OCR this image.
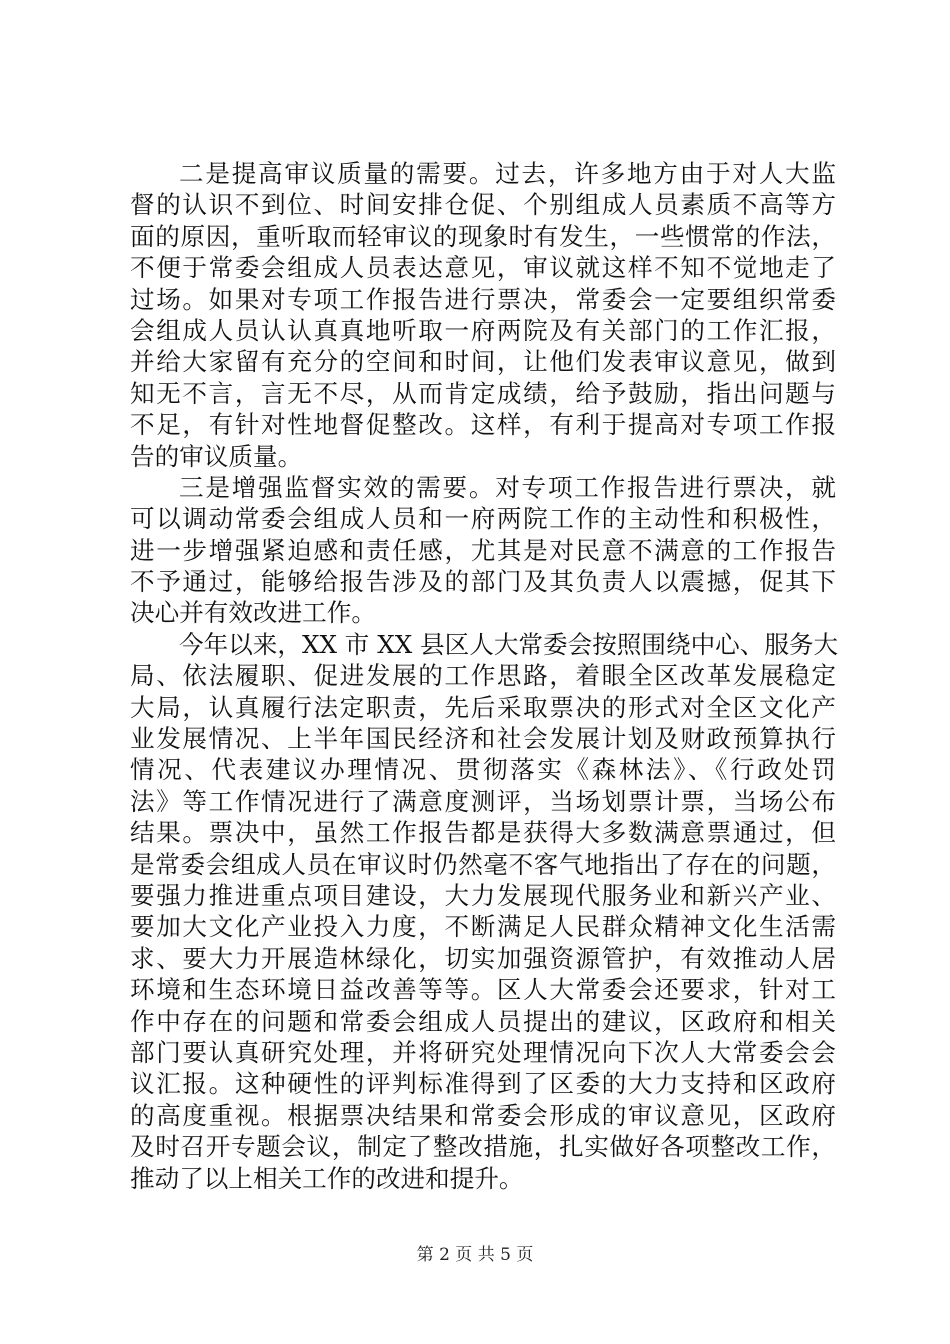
二是提高审议质量的需要。过去，许多地方由于对人大监
督的认识不到位、时间安排仓促、个别组成人员素质不高等方
面的原因，重听取而轻审议的现象时有发生，一些惯常的作法，
不便于常委会组成人员表达意见，审议就这样不知不觉地走了
过场。如果对专项工作报告进行票决，常委会一定要组织常委
会组成人员认认真真地听取一府两院及有关部门的工作汇报，
并给大家留有充分的空间和时间，让他们发表审议意见，做到
知无不言，言无不尽，从而肯定成绩，给予鼓励，指出问题与
不足，有针对性地督促整改。这样，有利于提高对专项工作报
告的审议质量。
三是增强监督实效的需要。对专项工作报告进行票决，就
可以调动常委会组成人员和一府两院工作的主动性和积极性，
进一步增强紧迫感和责任感，尤其是对民意不满意的工作报告
不予通过，能够给报告涉及的部门及其负责人以震撼，促其下
决心并有效改进工作。
今年以来，XX 市 XX 县区人大常委会按照围绕中心、服务大
局、依法履职、促进发展的工作思路，着眼全区改革发展稳定
大局，认真履行法定职责，先后采取票决的形式对全区文化产
业发展情况、上半年国民经济和社会发展计划及财政预算执行
情况、代表建议办理情况、贯彻落实《森林法》、《行政处罚
法》等工作情况进行了满意度测评，当场划票计票，当场公布
结果。票决中，虽然工作报告都是获得大多数满意票通过，但
是常委会组成人员在审议时仍然毫不客气地指出了存在的问题，
要强力推进重点项目建设，大力发展现代服务业和新兴产业、
要加大文化产业投入力度，不断满足人民群众精神文化生活需
求、要大力开展造林绿化，切实加强资源管护，有效推动人居
环境和生态环境日益改善等等。区人大常委会还要求，针对工
作中存在的问题和常委会组成人员提出的建议，区政府和相关
部门要认真研究处理，并将研究处理情况向下次人大常委会会
议汇报。这种硬性的评判标准得到了区委的大力支持和区政府
的高度重视。根据票决结果和常委会形成的审议意见，区政府
及时召开专题会议，制定了整改措施，扎实做好各项整改工作，
推动了以上相关工作的改进和提升。
第 2 页 共 5 页
